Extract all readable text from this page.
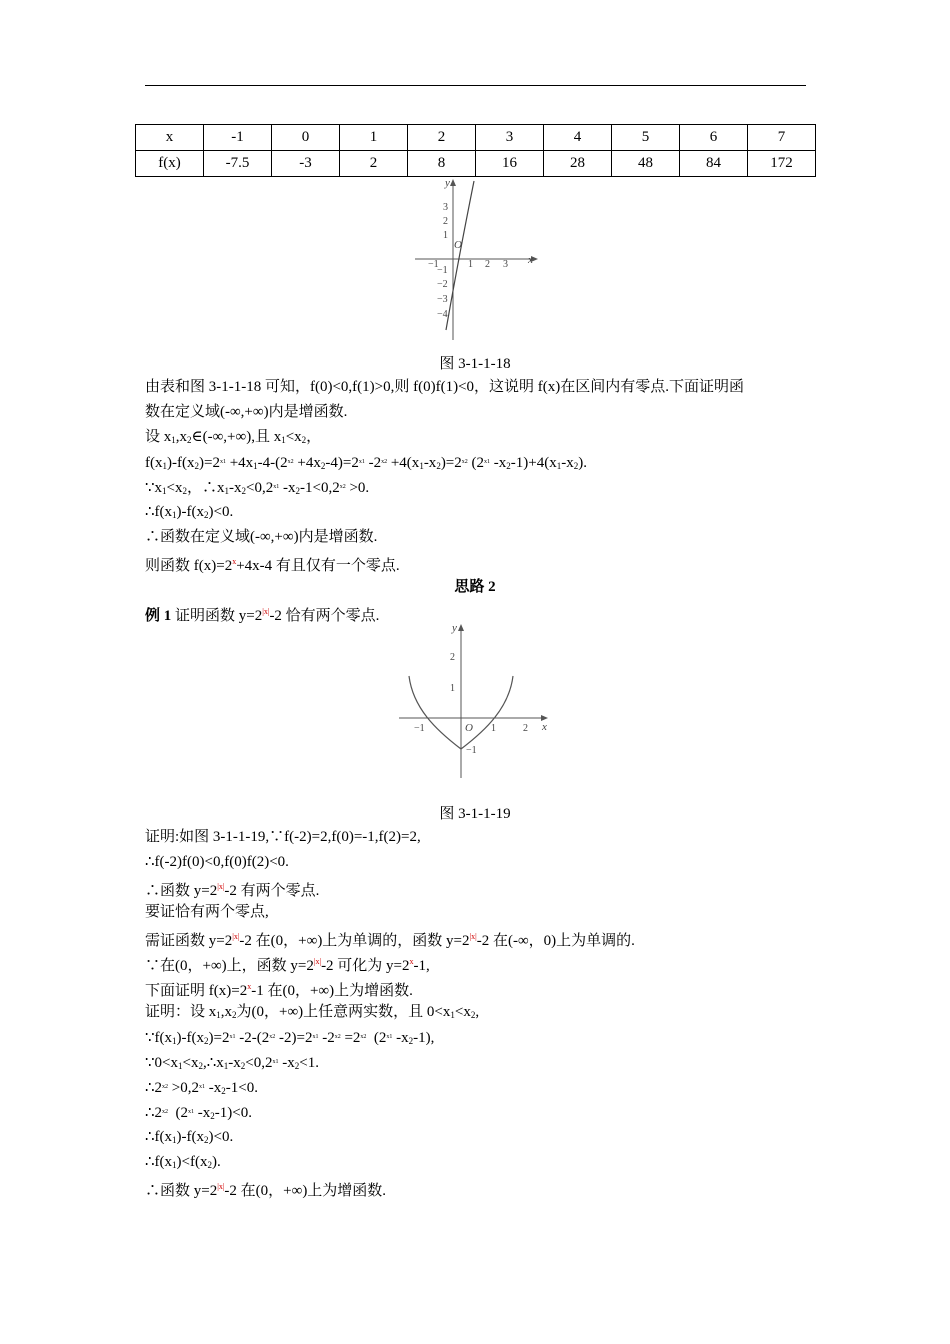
x	-1	0	1	2	3	4	5	6	7
f(x)	-7.5	-3	2	8	16	28	48	84	172
y
x
O
−1	1 2 3
3
2
1
−1
−2
−3
−4
图 3-1-1-18
由表和图 3-1-1-18 可知，f(0)<0,f(1)>0,则 f(0)f(1)<0，这说明 f(x)在区间内有零点.下面证明函
数在定义域(-∞,+∞)内是增函数.
设 x1,x2∈(-∞,+∞),且 x1<x2，
$f(x1)-f(x2)=2^{x1} +4x1-4-(2^{x2} +4x2-4)=2^{x1}$ $-2^{x2} +4(x1-x2)=2^{x2}$ ($2^{x1}$ -x2-1)+4(x1-x2).
∵x1<x2，$\therefore x1-x2<0,2^{x1}$ $-x2-1<0,2^{x2} >0$.
∴f(x1)-f(x2)<0.
∴函数在定义域(-∞,+∞)内是增函数.
则函数 $f(x)=2^x+4x-4$ 有且仅有一个零点.
思路 2
例 1 证明函数 $y=2^{|x|}-2$ 恰有两个零点.
y
x
O
−1	1	2
2
1
−1
图 3-1-1-19
证明:如图 3-1-1-19,∵f(-2)=2,f(0)=-1,f(2)=2,
∴f(-2)f(0)<0,f(0)f(2)<0.
∴函数 $y=2^{|x|}-2$ 有两个零点.
要证恰有两个零点,
需证函数 $y=2^{|x|}-2$ 在(0，+∞)上为单调的，函数 $y=2^{|x|}-2$ 在(-∞，0)上为单调的.
∵在(0，+∞)上，函数 $y=2^{|x|}-2$ 可化为 $y=2^x-1$,
下面证明 $f(x)=2^x-1$ 在(0，+∞)上为增函数.
证明：设 x1,x2为(0，+∞)上任意两实数，且 0<x1<x2,
$\because f(x1)-f(x2)=2^{x1}$ $-2-(2^{x2}$ $-2)=2^{x1}$ $-2^{x2} =2^{x2}$ ($2^{x1}$ -x2-1),
$\because 0<x1<x2,\therefore x1-x2<0,2^{x1}$ -x2<1.
$\therefore 2^{x2} >0,2^{x1}$ -x2-1<0.
$\therefore 2^{x2}$ ($2^{x1}$ -x2-1)<0.
∴f(x1)-f(x2)<0.
∴f(x1)<f(x2).
∴函数 $y=2^{|x|}-2$ 在(0，+∞)上为增函数.
